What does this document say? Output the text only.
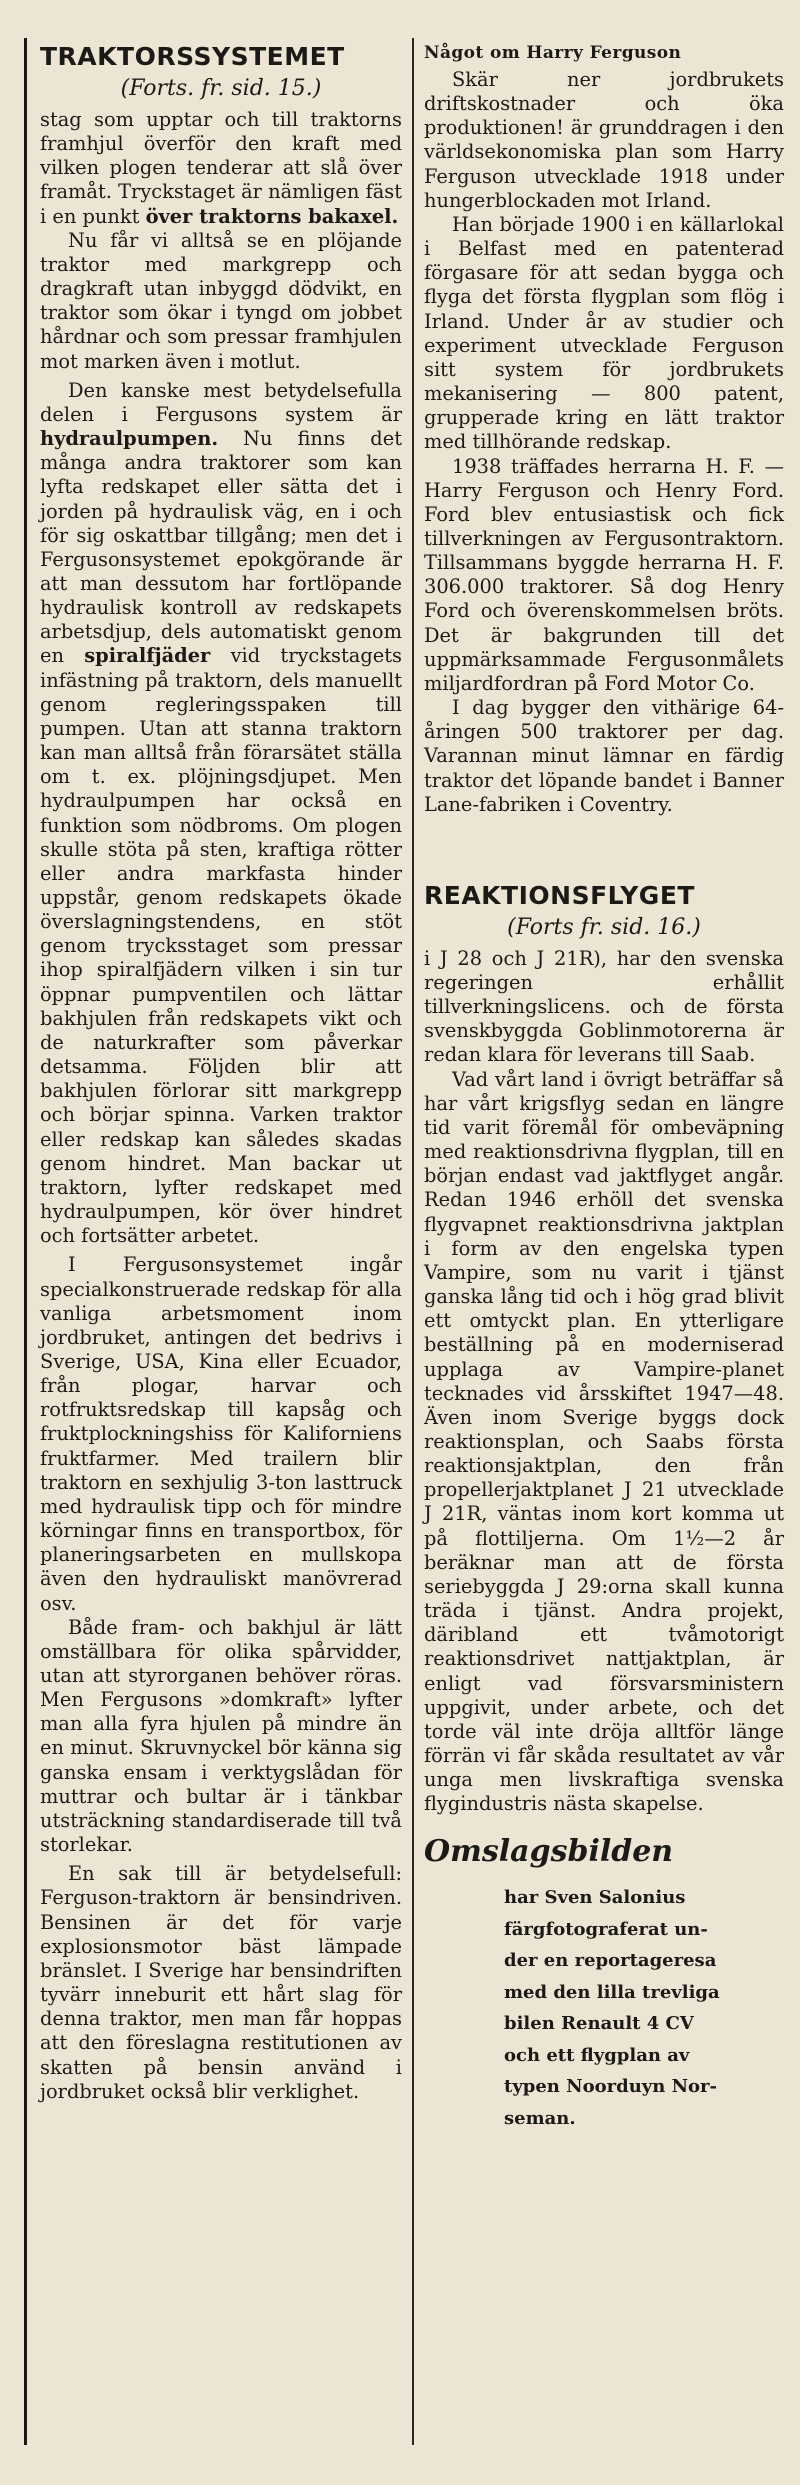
TRAKTORSSYSTEMET
(Forts. fr. sid. 15.)

stag som upptar och till traktorns framhjul överför den kraft med vilken plogen tenderar att slå över framåt. Tryckstaget är nämligen fäst i en punkt över traktorns bakaxel.

Nu får vi alltså se en plöjande traktor med markgrepp och dragkraft utan inbyggd dödvikt, en traktor som ökar i tyngd om jobbet hårdnar och som pressar framhjulen mot marken även i motlut.

Den kanske mest betydelsefulla delen i Fergusons system är hydraulpumpen. Nu finns det många andra traktorer som kan lyfta redskapet eller sätta det i jorden på hydraulisk väg, en i och för sig oskattbar tillgång; men det i Fergusonsystemet epokgörande är att man dessutom har fortlöpande hydraulisk kontroll av redskapets arbetsdjup, dels automatiskt genom en spiralfjäder vid tryckstagets infästning på traktorn, dels manuellt genom regleringsspaken till pumpen. Utan att stanna traktorn kan man alltså från förarsätet ställa om t. ex. plöjningsdjupet. Men hydraulpumpen har också en funktion som nödbroms. Om plogen skulle stöta på sten, kraftiga rötter eller andra markfasta hinder uppstår, genom redskapets ökade överslagningstendens, en stöt genom trycksstaget som pressar ihop spiralfjädern vilken i sin tur öppnar pumpventilen och lättar bakhjulen från redskapets vikt och de naturkrafter som påverkar detsamma. Följden blir att bakhjulen förlorar sitt markgrepp och börjar spinna. Varken traktor eller redskap kan således skadas genom hindret. Man backar ut traktorn, lyfter redskapet med hydraulpumpen, kör över hindret och fortsätter arbetet.

I Fergusonsystemet ingår specialkonstruerade redskap för alla vanliga arbetsmoment inom jordbruket, antingen det bedrivs i Sverige, USA, Kina eller Ecuador, från plogar, harvar och rotfruktsredskap till kapsåg och fruktplockningshiss för Kaliforniens fruktfarmer. Med trailern blir traktorn en sexhjulig 3-ton lasttruck med hydraulisk tipp och för mindre körningar finns en transportbox, för planeringsarbeten en mullskopa även den hydrauliskt manövrerad osv.

Både fram- och bakhjul är lätt omställbara för olika spårvidder, utan att styrorganen behöver röras. Men Fergusons »domkraft» lyfter man alla fyra hjulen på mindre än en minut. Skruvnyckel bör känna sig ganska ensam i verktygslådan för muttrar och bultar är i tänkbar utsträckning standardiserade till två storlekar.

En sak till är betydelsefull: Ferguson-traktorn är bensindriven. Bensinen är det för varje explosionsmotor bäst lämpade bränslet. I Sverige har bensindriften tyvärr inneburit ett hårt slag för denna traktor, men man får hoppas att den föreslagna restitutionen av skatten på bensin använd i jordbruket också blir verklighet.

Något om Harry Ferguson

Skär ner jordbrukets driftskostnader och öka produktionen! är grunddragen i den världsekonomiska plan som Harry Ferguson utvecklade 1918 under hungerblockaden mot Irland.

Han började 1900 i en källarlokal i Belfast med en patenterad förgasare för att sedan bygga och flyga det första flygplan som flög i Irland. Under år av studier och experiment utvecklade Ferguson sitt system för jordbrukets mekanisering — 800 patent, grupperade kring en lätt traktor med tillhörande redskap.

1938 träffades herrarna H. F. — Harry Ferguson och Henry Ford. Ford blev entusiastisk och fick tillverkningen av Fergusontraktorn. Tillsammans byggde herrarna H. F. 306.000 traktorer. Så dog Henry Ford och överenskommelsen bröts. Det är bakgrunden till det uppmärksammade Fergusonmålets miljardfordran på Ford Motor Co.

I dag bygger den vithärige 64-åringen 500 traktorer per dag. Varannan minut lämnar en färdig traktor det löpande bandet i Banner Lane-fabriken i Coventry.

REAKTIONSFLYGET
(Forts fr. sid. 16.)

i J 28 och J 21R), har den svenska regeringen erhållit tillverkningslicens. och de första svenskbyggda Goblinmotorerna är redan klara för leverans till Saab.

Vad vårt land i övrigt beträffar så har vårt krigsflyg sedan en längre tid varit föremål för ombeväpning med reaktionsdrivna flygplan, till en början endast vad jaktflyget angår. Redan 1946 erhöll det svenska flygvapnet reaktionsdrivna jaktplan i form av den engelska typen Vampire, som nu varit i tjänst ganska lång tid och i hög grad blivit ett omtyckt plan. En ytterligare beställning på en moderniserad upplaga av Vampire-planet tecknades vid årsskiftet 1947—48. Även inom Sverige byggs dock reaktionsplan, och Saabs första reaktionsjaktplan, den från propellerjaktplanet J 21 utvecklade J 21R, väntas inom kort komma ut på flottiljerna. Om 1½—2 år beräknar man att de första seriebyggda J 29:orna skall kunna träda i tjänst. Andra projekt, däribland ett tvåmotorigt reaktionsdrivet nattjaktplan, är enligt vad försvarsministern uppgivit, under arbete, och det torde väl inte dröja alltför länge förrän vi får skåda resultatet av vår unga men livskraftiga svenska flygindustris nästa skapelse.

Omslagsbilden
har Sven Salonius
färgfotograferat un-
der en reportageresa
med den lilla trevliga
bilen Renault 4 CV
och ett flygplan av
typen Noorduyn Nor-
seman.
